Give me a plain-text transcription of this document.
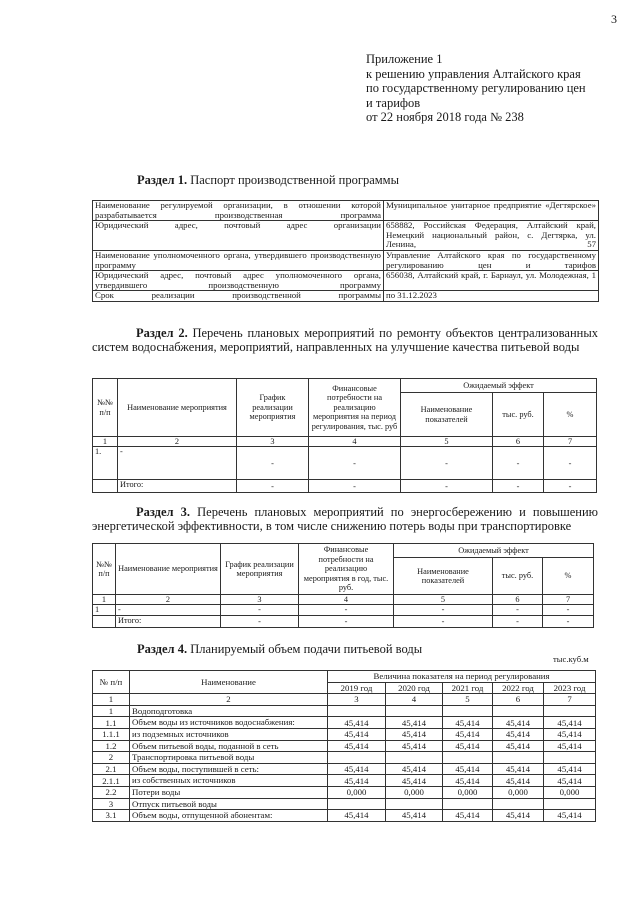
3
Приложение 1
к решению управления Алтайского края
по государственному регулированию цен
и тарифов
от 22 ноября 2018 года № 238
Раздел 1. Паспорт производственной программы
Наименование регулируемой организации, в отношении которой разрабатывается производственная программа	Муниципальное унитарное предприятие «Дегтярское»
Юридический адрес, почтовый адрес организации	658882, Российская Федерация, Алтайский край, Немецкий национальный район, с. Дегтярка, ул. Ленина, 57
Наименование уполномоченного органа, утвердившего производственную программу	Управление Алтайского края по государственному регулированию цен и тарифов
Юридический адрес, почтовый адрес уполномоченного органа, утвердившего производственную программу	656038, Алтайский край, г. Барнаул, ул. Молодежная, 1
Срок реализации производственной программы	по 31.12.2023
Раздел 2. Перечень плановых мероприятий по ремонту объектов централизованных систем водоснабжения, мероприятий, направленных на улучшение качества питьевой воды
№№ п/п	Наименование мероприятия	График реализации мероприятия	Финансовые потребности на реализацию мероприятия на период регулирования, тыс. руб	Ожидаемый эффект		
				Наименование показателей	тыс. руб.	%
1	2	3	4	5	6	7
1.	-	-	-	-	-	-
	Итого:	-	-	-	-	-
Раздел 3. Перечень плановых мероприятий по энергосбережению и повышению энергетической эффективности, в том числе снижению потерь воды при транспортировке
№№ п/п	Наименование мероприятия	График реализации мероприятия	Финансовые потребности на реализацию мероприятия в год, тыс. руб.	Ожидаемый эффект		
				Наименование показателей	тыс. руб.	%
1	2	3	4	5	6	7
1	-	-	-	-	-	-
	Итого:	-	-	-	-	-
Раздел 4. Планируемый объем подачи питьевой воды
тыс.куб.м
№ п/п	Наименование	Величина показателя на период регулирования				
		2019 год	2020 год	2021 год	2022 год	2023 год
1	2	3	4	5	6	7
1	Водоподготовка					
1.1	Объем воды из источников водоснабжения:	45,414	45,414	45,414	45,414	45,414
1.1.1	из подземных источников	45,414	45,414	45,414	45,414	45,414
1.2	Объем питьевой воды, поданной в сеть	45,414	45,414	45,414	45,414	45,414
2	Транспортировка питьевой воды					
2.1	Объем воды, поступившей в сеть:	45,414	45,414	45,414	45,414	45,414
2.1.1	из собственных источников	45,414	45,414	45,414	45,414	45,414
2.2	Потери воды	0,000	0,000	0,000	0,000	0,000
3	Отпуск питьевой воды					
3.1	Объем воды, отпущенной абонентам:	45,414	45,414	45,414	45,414	45,414
